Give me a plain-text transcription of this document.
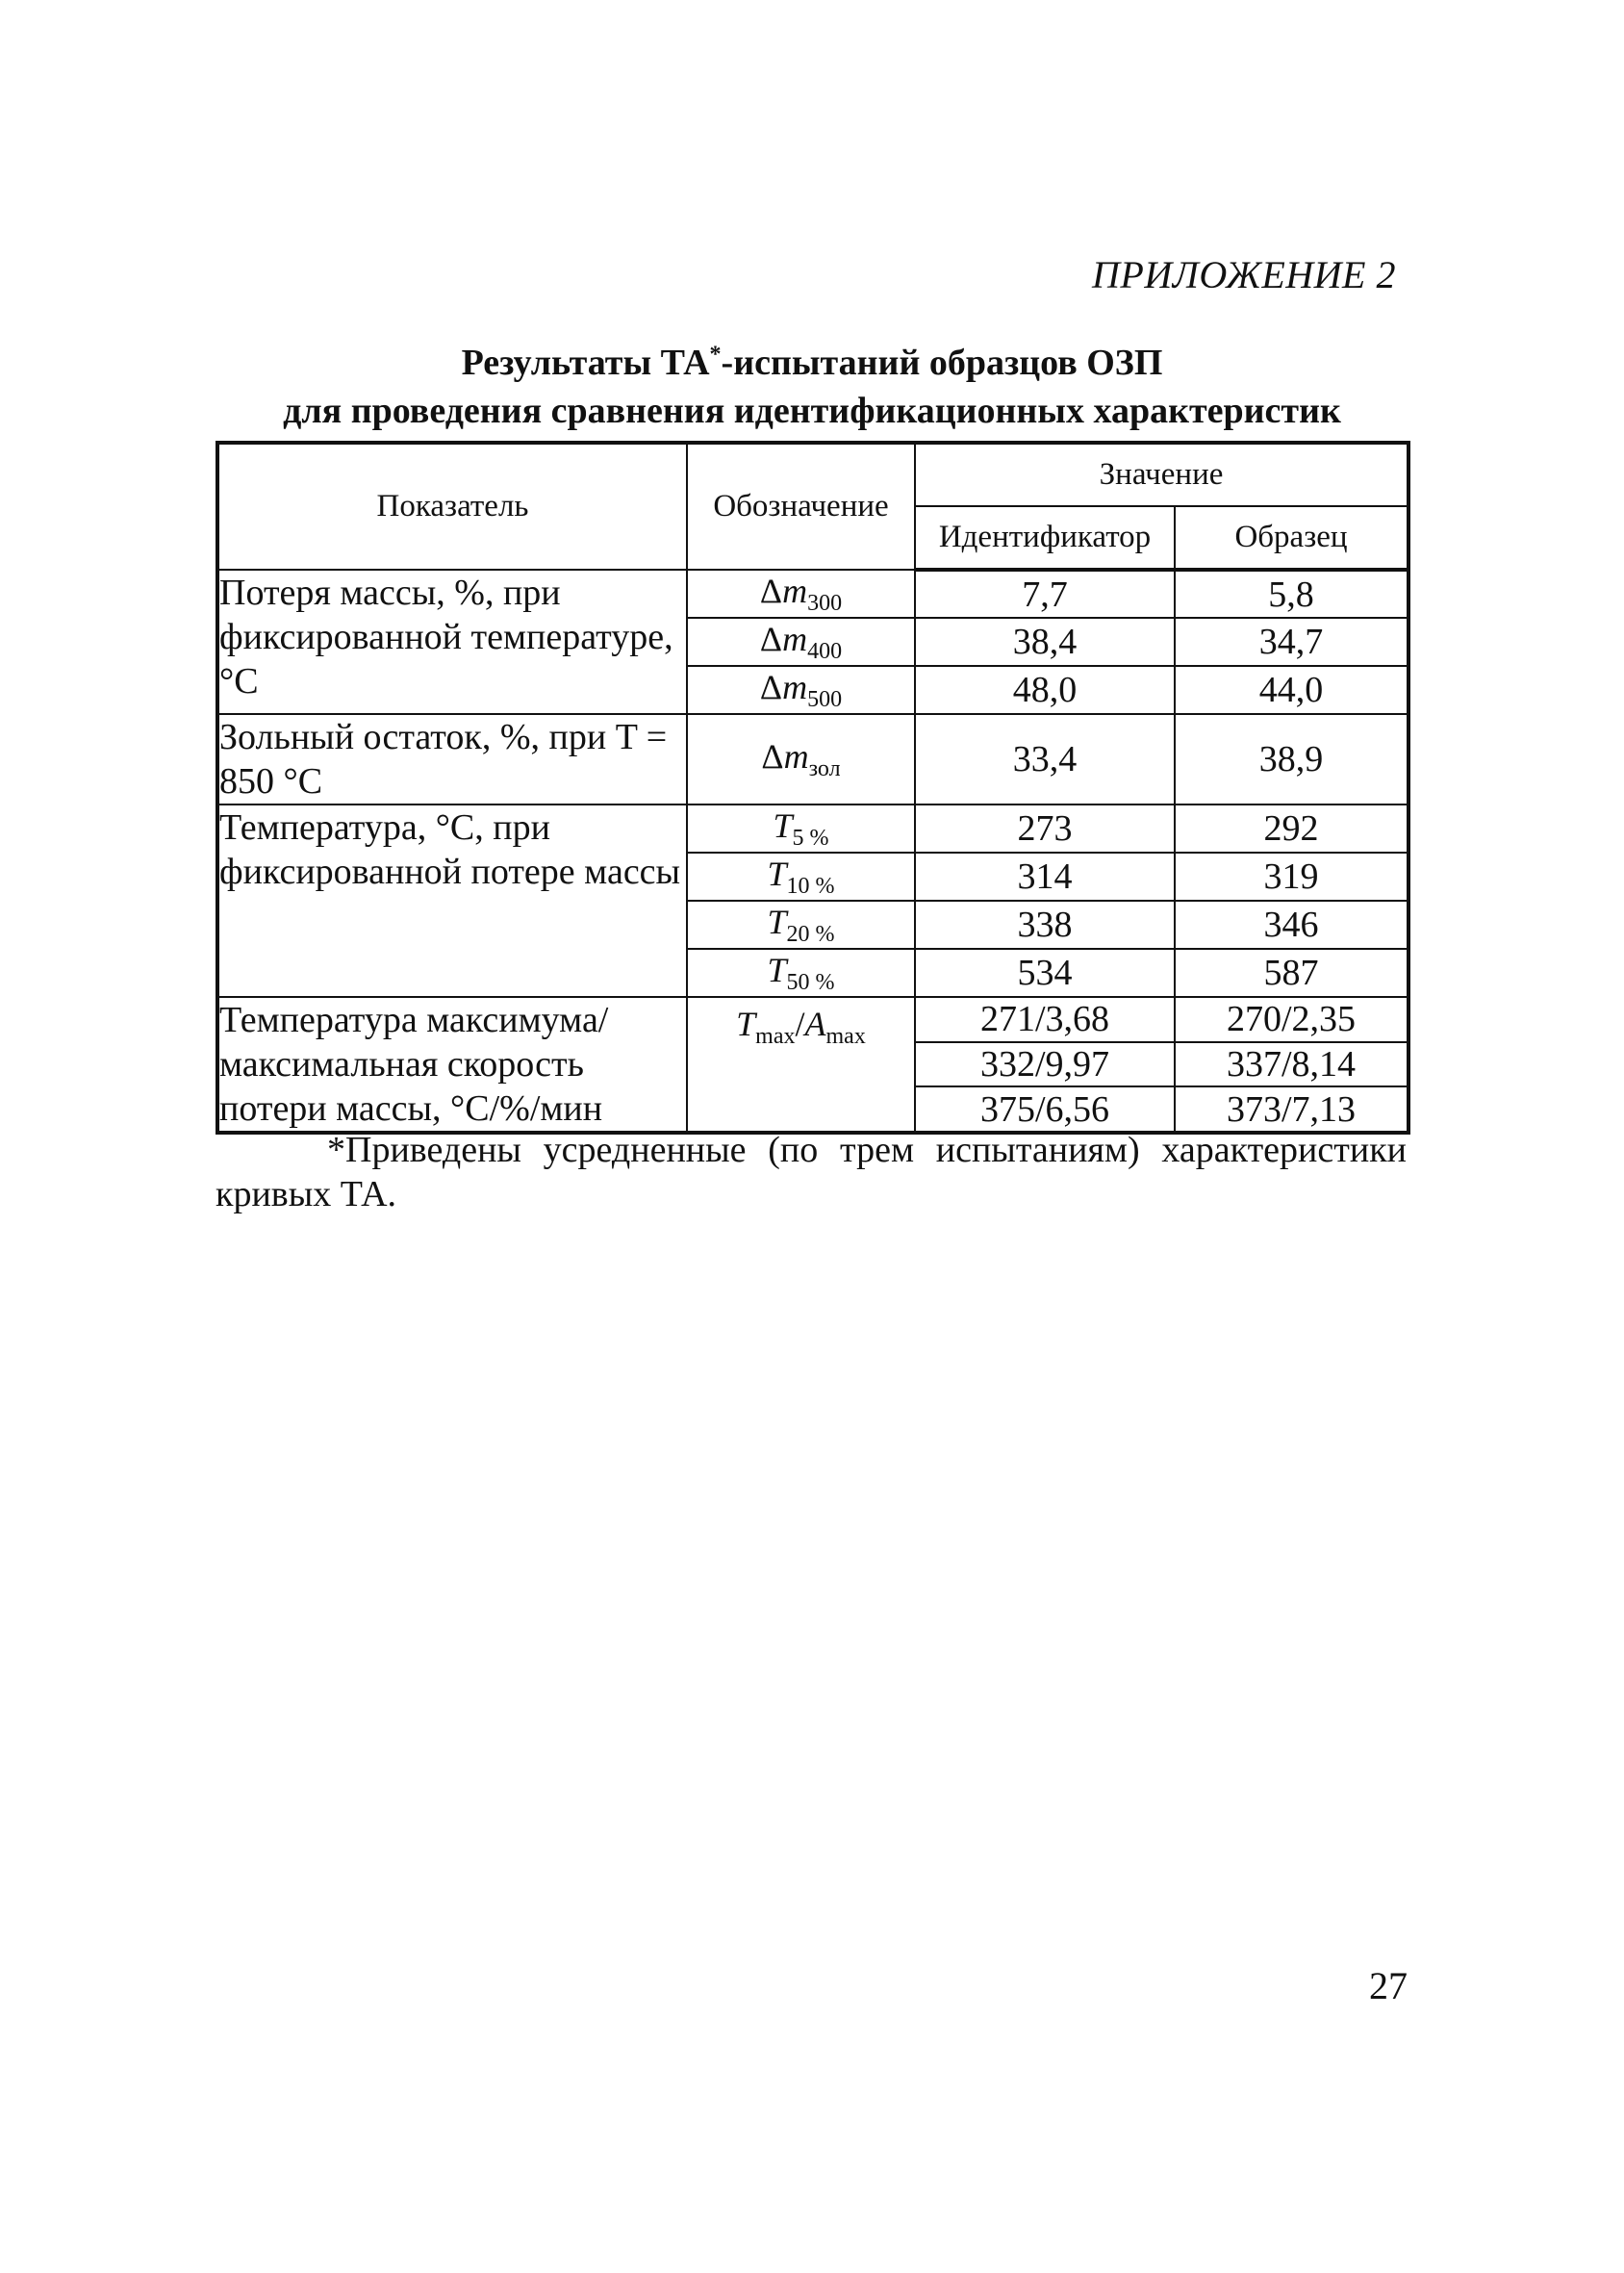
ПРИЛОЖЕНИЕ 2
Результаты ТА*-испытаний образцов ОЗП
для проведения сравнения идентификационных характеристик
Показатель	Обозначение	Значение	
		Идентификатор	Образец
Потеря массы, %, при фиксированной температуре, °С	$\Delta m_{300}$	7,7	5,8
	$\Delta m_{400}$	38,4	34,7
	$\Delta m_{500}$	48,0	44,0
Зольный остаток, %, при T = 850 °С	$\Delta m_{зол}$	33,4	38,9
Температура, °С, при фиксированной потере массы	$T_{5 \%}$	273	292
	$T_{10 \%}$	314	319
	$T_{20 \%}$	338	346
	$T_{50 \%}$	534	587
Температура максимума/ максимальная скорость потери массы, °С/%/мин	$T_{max}/A_{max}$	271/3,68	270/2,35
		332/9,97	337/8,14
		375/6,56	373/7,13
*Приведены усредненные (по трем испытаниям) характеристики кривых ТА.
27
